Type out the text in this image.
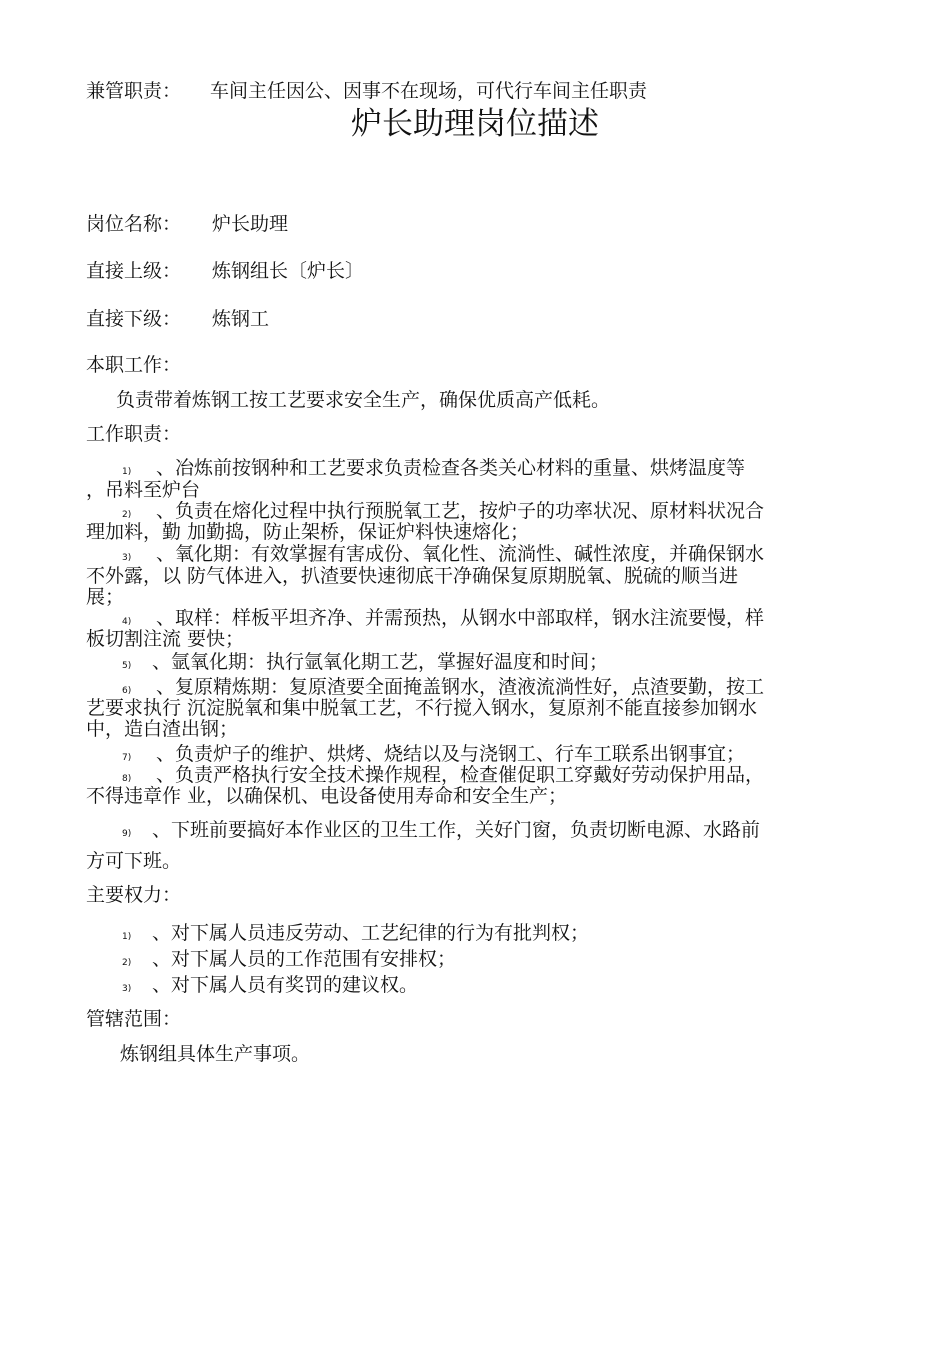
兼管职责： 车间主任因公、因事不在现场，可代行车间主任职责
炉长助理岗位描述
岗位名称： 炉长助理
直接上级： 炼钢组长〔炉长〕
直接下级： 炼钢工
本职工作：
负责带着炼钢工按工艺要求安全生产，确保优质高产低耗。
工作职责：
1)	、冶炼前按钢种和工艺要求负责检查各类关心材料的重量、烘烤温度等
，吊料至炉台
2)	、负责在熔化过程中执行预脱氧工艺，按炉子的功率状况、原材料状况合
理加料，勤 加勤捣，防止架桥，保证炉料快速熔化；
3)	、氧化期：有效掌握有害成份、氧化性、流淌性、碱性浓度，并确保钢水
不外露，以 防气体进入，扒渣要快速彻底干净确保复原期脱氧、脱硫的顺当进
展；
4)	、取样：样板平坦齐净、并需预热，从钢水中部取样，钢水注流要慢，样
板切割注流 要快；
5)	、氩氧化期：执行氩氧化期工艺，掌握好温度和时间；
6)	、复原精炼期：复原渣要全面掩盖钢水，渣液流淌性好，点渣要勤，按工
艺要求执行 沉淀脱氧和集中脱氧工艺，不行搅入钢水，复原剂不能直接参加钢水
中，造白渣出钢；
7)	、负责炉子的维护、烘烤、烧结以及与浇钢工、行车工联系出钢事宜；
8)	、负责严格执行安全技术操作规程，检查催促职工穿戴好劳动保护用品，
不得违章作 业，以确保机、电设备使用寿命和安全生产；
9)	、下班前要搞好本作业区的卫生工作，关好门窗，负责切断电源、水路前
方可下班。
主要权力：
1)	、对下属人员违反劳动、工艺纪律的行为有批判权；
2)	、对下属人员的工作范围有安排权；
3)	、对下属人员有奖罚的建议权。
管辖范围：
炼钢组具体生产事项。
